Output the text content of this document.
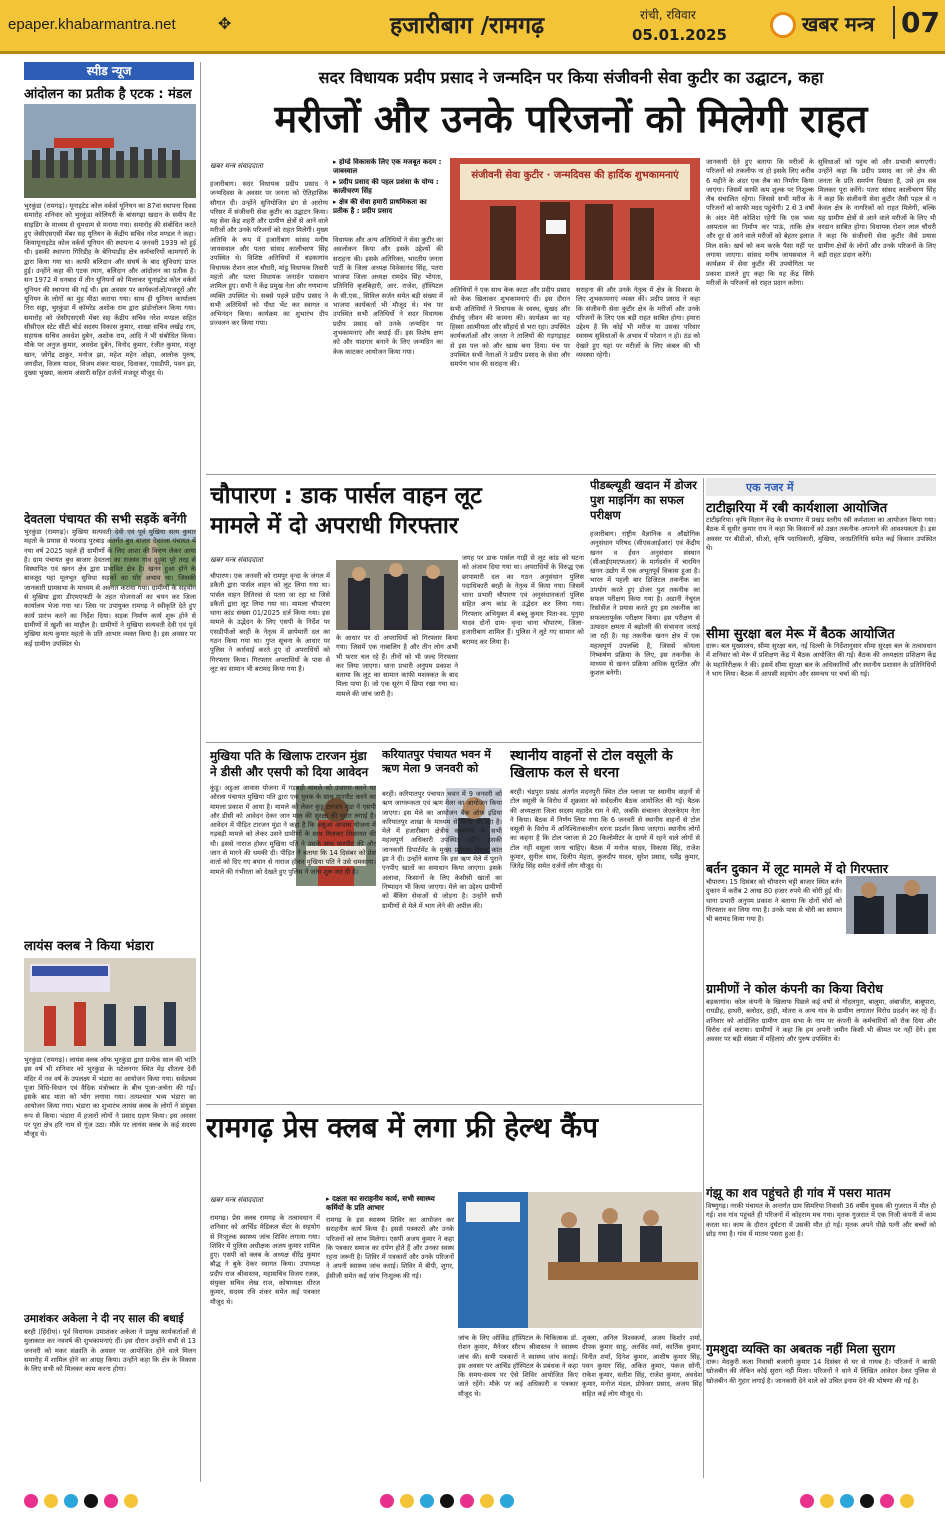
epaper.khabarmantra.net	✥	हजारीबाग /रामगढ़	रांची, रविवार
05.01.2025	खबर मन्त्र 07
स्पीड न्यूज
आंदोलन का प्रतीक है एटक : मंडल
भुरकुंडा (रामगढ़)। यूनाइटेड कोल वर्कर्स यूनियन का 87वां स्थापना दिवस समारोह शनिवार को भुरकुंडा कोलियरी के बांसगढ़ा खदान के समीप वैट साइडिंग के माध्यम से धूमधाम से मनाया गया। समारोह की संबोधित करते हुए जेसीएसएसी मेंबर सह यूनियन के केंद्रीय सचिव नरेश मण्डल ने कहा। कियायूनाइटेड कोल वर्कर्स यूनियन की स्थापना 4 जनवरी 1939 को हुई थी। इसकी स्थापना गिरिडीह के बेनियाडीह क्षेत्र कर्मचारियों कामगारों के द्वारा किया गया था। काफी बलिदान और संघर्ष के बाद सुविधाएं प्राप्त हुई। उन्होंने कहा की एटक त्याग, बलिदान और आंदोलन का प्रतीक है। सन 1972 में धनबाद में तीन यूनियनों को मिलाकर यूनाइटेड कोल वर्कर्स यूनियन की स्थापना की गई थी। इस अवसर पर कार्यकर्ताओं/मजदूरों और यूनियन के लोगों का मुंह मीठा कराया गया। साथ ही यूनियन कार्यालय निरा सड्डा, भुरकुंडा में कॉमरेड अशोक राम द्वारा झंडोत्तोलन किया गया। समारोह को जेसीएसएसी मेंबर सह केंद्रीय सचिव नरेश मण्डल सहित सीसीएल स्टेट सीटी बोर्ड सदस्य विकास कुमार, शाखा सचिव लखेंद्र राय, सहायक सचिव अवधेश दुबेन, अशोक राम, आदि ने भी संबोधित किया। मौके पर अनुज कुमार, अवधेश दुबेन, विनोद कुमार, रंजीत कुमार, मंजूर खान, जोगेंद्र ठाकुर, मनोज झा, महेश महेन ओझा, आलोक पुरुष, जगदीश, विजय यादव, विजय शंकर यादव, दिवाकर, एसडीपी, पवन झा, दुख्या भुख्या, कलाम अंसारी सहित दर्जनों मजदूर मौजूद थे।
देवतला पंचायत की सभी सड़कें बनेंगी
भुरकुंडा (रामगढ़)। मुखिया सत्यवती देवी एवं पूर्व मुखिया सत्य कुमार महतो के प्रयास से फरवाड़ पुरबाड़ अंतर्गत बुध बाजार देवतला पंचायत में नया वर्ष 2025 पहले ही ग्रामीणों के लिए आशा की किरण लेकर आया है। ग्राम पंचायत बुध बाजार देवतला का राजस्व गांव दुड़ूवा पूरे तरह से विस्थापित एवं खनन क्षेत्र द्वारा प्रभावित क्षेत्र है। खनन हुआ होने के बावजूद यहां मूलभूत सुविधा सड़कों का घोर अभाव था। जिसकी जानकारी ग्रामसभा के माध्यम से अवगत कराया गया। ग्रामीणों के सहयोग से मुखिया द्वारा डीएमएफटी के तहत योजनाओं का चयन कर जिला कार्यालय भेजा गया था। जिस पर उपायुक्त रामगढ़ ने स्वीकृति देते हुए कार्य प्रारंभ करने का निर्देश दिया। सड़क निर्माण कार्य शुरू होने से ग्रामीणों में खुशी का माहौल है। ग्रामीणों ने मुखिया सत्यवती देवी एवं पूर्व मुखिया सत्य कुमार महतो के प्रति आभार व्यक्त किया है। इस अवसर पर कई ग्रामीण उपस्थित थे।
लायंस क्लब ने किया भंडारा
भुरकुंडा (रामगढ़)। लायंस क्लब ऑफ भुरकुंडा द्वारा प्रत्येक साल की भांति इस वर्ष भी शनिवार को भुरकुंडा के पटेलनगर स्थित मेड़ शीतला देवी मंदिर में नव वर्ष के उपलक्ष्य में भंडारा का आयोजन किया गया। सर्वप्रथम पूजा विधि-विधान एवं वैदिक मंत्रोच्चार के बीच पूजा-अर्चना की गई। इसके बाद माता को भोग लगाया गया। तत्पश्चात भव्य भंडारा का आयोजन किया गया। भंडारा का शुभारंभ लायंस क्लब के लोगों ने संयुक्त रूप से किया। भंडारा में हजारों लोगों ने प्रसाद ग्रहण किया। इस अवसर पर पूरा क्षेत्र हरि नाम से गूंज उठा। मौके पर लायंस क्लब के कई सदस्य मौजूद थे।
उमाशंकर अकेला ने दी नए साल की बधाई
बरही (हिंदीय)। पूर्व विधायक उमाशंकर अकेला ने प्रमुख कार्यकर्ताओं से मुलाकात कर नववर्ष की शुभकामनाएं दीं। इस दौरान उन्होंने सभी से 13 जनवरी को मकर संक्रांति के अवसर पर आयोजित होने वाले मिलन समारोह में शामिल होने का आग्रह किया। उन्होंने कहा कि क्षेत्र के विकास के लिए सभी को मिलकर काम करना होगा।
सदर विधायक प्रदीप प्रसाद ने जन्मदिन पर किया संजीवनी सेवा कुटीर का उद्घाटन, कहा
मरीजों और उनके परिजनों को मिलेगी राहत
खबर मन्त्र संवाददाता	▸ होम्डे विकासके लिए एक मजबूत कदम : जाबस्वाल
▸ प्रदीप प्रसाद की पहल प्रशंसा के योग्य : कालीचरण सिंह
▸ क्षेत्र की सेवा हमारी प्राथमिकता का प्रतीक है : प्रदीप प्रसाद
हजारीबाग। सदर विधायक प्रदीप प्रसाद ने जन्मदिवस के अवसर पर जनता को ऐतिहासिक सौगात दी। उन्होंने सुनियोजित ढंग से आरोग्य परिसर में संजीवनी सेवा कुटीर का उद्घाटन किया। यह सेवा केंद्र शहरी और ग्रामीण क्षेत्रों से आने वाले मरीजों और उनके परिजनों को राहत मिलेगी। मुख्य अतिथि के रूप में हजारीबाग सांसद मनीष जायसवाल और पतरा सांसद कालीचरण सिंह उपस्थित थे। विशिष्ट अतिथियों में बड़कागांव विधायक रोशन लाल चौधरी, मांडू विधायक तिवारी महतो और पतरा विधायक जनार्दन पासवान शामिल हुए। सभी ने केंद्र प्रमुख नेता और गणमान्य व्यक्ति उपस्थित थे। सबसे पहले प्रदीप प्रसाद ने सभी अतिथियों को पौधा भेंट कर स्वागत व अभिनंदन किया। कार्यक्रम का शुभारंभ दीप प्रज्वलन कर किया गया।
विधायक और अन्य अतिथियों ने सेवा कुटीर का अवलोकन किया और इसके उद्देश्यों की सराहना की। इसके अतिरिक्त, भारतीय जनता पार्टी के जिला अध्यक्ष विवेकानंद सिंह, पतरा भाजपा जिला अध्यक्ष रामदेव सिंह भोगता, प्रतिनिधि बृजबिहारी, आर. राजेश, हॉस्पिटल के सी.एस., सिविल सर्जन समेत बड़ी संख्या में भाजपा कार्यकर्ता भी मौजूद थे। मंच पर उपस्थित सभी अतिथियों ने सदर विधायक प्रदीप प्रसाद को उनके जन्मदिन पर शुभकामनाएं और बधाई दीं। इस विशेष क्षण को और यादगार बनाने के लिए जन्मदिन का केक काटकर आयोजन किया गया।
संजीवनी सेवा कुटीर · जन्मदिवस की हार्दिक शुभकामनाएं
अतिथियों ने एक साथ केक काटा और प्रदीप प्रसाद को केक खिलाकर शुभकामनाएं दीं। इस दौरान सभी अतिथियों ने विधायक के स्वस्थ, सुखद और दीर्घायु जीवन की कामना की। कार्यक्रम का यह हिस्सा आत्मीयता और सौहार्द से भरा रहा। उपस्थित कार्यकर्ताओं और जनता ने तालियों की गड़गड़ाहट से इस पल को और खास बना दिया। मंच पर उपस्थित सभी नेताओं ने प्रदीप प्रसाद के सेवा और समर्पण भाव की सराहना की।
सराहना की और उनके नेतृत्व में क्षेत्र के विकास के लिए शुभकामनाएं व्यक्त कीं। प्रदीप प्रसाद ने कहा कि संजीवनी सेवा कुटीर क्षेत्र के मरीजों और उनके परिजनों के लिए एक बड़ी राहत साबित होगा। हमारा उद्देश्य है कि कोई भी मरीज या उसका परिवार स्वास्थ्य सुविधाओं के अभाव में परेशान न हो। ठंड को देखते हुए यहां पर मरीजों के लिए कंबल की भी व्यवस्था रहेगी।
जानकारी देते हुए बताया कि मरीजों के परिजनों को तकलीफ ना हो इसके लिए करीब 6 महीने के अंदर एक लैब का निर्माण किया जाएगा। जिसमें काफी कम शुल्क पर निशुल्क लैब संचालित रहेगा। जिससे सभी मरीज के परिजनों को काफी मदद पहुंचेगी। 2 से 3 वर्षों के अंदर मेरी कोशिश रहेगी कि एक भव्य अस्पताल का निर्माण कर पाऊं, ताकि क्षेत्र और दूर से आने वाले मरीजों को बेहतर इलाज मिल सके। खर्च को कम करके पैसा यहीं पर लगाया जाएगा। सांसद मनीष जायसवाल ने कार्यक्रम में सेवा कुटीर की उपयोगिता पर प्रकाश डालते हुए कहा कि यह केंद्र सिर्फ मरीजों के परिजनों को राहत प्रदान करेगा।
सुविधाओं को पहुंच को और प्रभावी बनाएगी। उन्होंने कहा कि प्रदीप प्रसाद का जो क्षेत्र की जनता के प्रति समर्पण दिखता है, उसे हम सब मिलकर पूरा करेंगे। पतरा सांसद कालीचरण सिंह ने कहा कि संजीवनी सेवा कुटीर जैसी पहल से न केवल क्षेत्र के नागरिकों को राहत मिलेगी, बल्कि यह ग्रामीण क्षेत्रों से आने वाले मरीजों के लिए भी वरदान साबित होगा। विधायक रोशन लाल चौधरी ने कहा कि संजीवनी सेवा कुटीर जैसे प्रयास ग्रामीण क्षेत्रों के लोगों और उनके परिजनों के लिए बड़ी राहत प्रदान करेंगे।
चौपारण : डाक पार्सल वाहन लूट
मामले में दो अपराधी गिरफ्तार
खबर मन्त्र संवाददाता
चौपारण। एक जनवरी को रामपुर वृन्दा के जंगल में डकैती द्वारा पार्सल वाहन को लूट लिया गया था। पार्सल वाहन तितिरवां से पतरा जा रहा था जिसे डकैतों द्वारा लूट लिया गया था। मामला चौपारण थाना कांड संख्या 01/2025 दर्ज किया गया। इस मामले के उद्भेदन के लिए एसपी के निर्देश पर एसडीपीओ बरही के नेतृत्व में छापेमारी दल का गठन किया गया था। गुप्त सूचना के आधार पर पुलिस ने कार्रवाई करते हुए दो अपराधियों को गिरफ्तार किया। गिरफ्तार अपराधियों के पास से लूट का सामान भी बरामद किया गया है।
के आधार पर दो अपराधियों को गिरफ्तार किया गया। जिसमें एक नाबालिग है और तीन लोग अभी भी फरार चल रहे हैं। तीनों को भी जल्द गिरफ्तार कर लिया जाएगा। थाना प्रभारी अनुपम प्रकाश ने बताया कि लूट का सामान काफी मशक्कत के बाद मिला पाया है। जो एक सूरंग में छिपा रखा गया था। मामले की जांच जारी है।
जगह पर डाक पार्सल गाड़ी से लूट कांड को घटना को अंजाम दिया गया था। अपराधियों के विरुद्ध एक छापामारी दल का गठन अनुसंधान पुलिस पदाधिकारी बरही के नेतृत्व में किया गया। जिसमें थाना प्रभारी चौपारण एवं अनुसंधानकर्ता पुलिस सहित अन्य कांड के उद्भेदन कर लिया गया। गिरफ्तार अभियुक्त में बब्लू कुमार पिता-स्व. पुनुमा यादव दोनों ग्राम- वृन्दा थाना चौपारण, जिला- हजारीबाग शामिल हैं। पुलिस ने लूटे गए सामान को बरामद कर लिया है।
पीडब्ल्यूडी खदान में डोजर पुश माइनिंग का सफल परीक्षण
हजारीबाग। राष्ट्रीय वैज्ञानिक व औद्योगिक अनुसंधान परिषद (सीएसआईआर) एवं केंद्रीय खनन व ईंधन अनुसंधान संस्थान (सीआईएमएफआर) के मार्गदर्शन में चारमिन खनन उद्योग में एक अभूतपूर्व विकास हुआ है। भारत में पहली बार डिजिटल तकनीक का उपयोग करते हुए डोजर पुश तकनीक का सफल परीक्षण किया गया है। अडानी नेचुरल रिसोर्सेज ने प्रयास करते हुए इस तकनीक का सफलतापूर्वक परीक्षण किया। इस परीक्षण से उत्पादन क्षमता में बढ़ोतरी की संभावना जताई जा रही है। यह तकनीक खनन क्षेत्र में एक महत्वपूर्ण उपलब्धि है, जिससे कोयला निष्कर्षण प्रक्रिया के लिए, इस तकनीक के माध्यम से खनन प्रक्रिया अधिक सुरक्षित और कुशल बनेगी।
एक नजर में
टाटीझरिया में रबी कार्यशाला आयोजित
टाटीझरिया। कृषि विज्ञान केंद्र के सभागार में प्रखंड स्तरीय रबी कर्मशाला का आयोजन किया गया। बैठक में सुधीर कुमार राय ने कहा कि किसानों को उन्नत तकनीक अपनाने की आवश्यकता है। इस अवसर पर बीडीओ, सीओ, कृषि पदाधिकारी, मुखिया, जनप्रतिनिधि समेत कई किसान उपस्थित थे।
सीमा सुरक्षा बल मेरू में बैठक आयोजित
दारू। बल मुख्यालय, सीमा सुरक्षा बल, नई दिल्ली के निर्देशानुसार सीमा सुरक्षा बल के तत्वावधान में शनिवार को मेरू में प्रशिक्षण केंद्र में बैठक आयोजित की गई। बैठक की अध्यक्षता प्रशिक्षण केंद्र के महानिरीक्षक ने की। इसमें सीमा सुरक्षा बल के अधिकारियों और स्थानीय प्रशासन के प्रतिनिधियों ने भाग लिया। बैठक में आपसी सहयोग और समन्वय पर चर्चा की गई।
बर्तन दुकान में लूट मामले में दो गिरफ्तार
चौपारण। 15 दिसंबर को चौपारण चट्टी बाजार स्थित बर्तन दुकान में करीब 2 लाख 80 हजार रुपये की चोरी हुई थी। थाना प्रभारी अनुपम प्रकाश ने बताया कि दोनों चोरों को गिरफ्तार कर लिया गया है। उनके पास से चोरी का सामान भी बरामद किया गया है।
ग्रामीणों ने कोल कंपनी का किया विरोध
बड़कागांव। कोल कंपनी के खिलाफ पिछले कई वर्षों से गोंदलपुरा, बालुमा, अंबाजीत, बाबूपारा, रायडीह, हाथरी, बलोदर, हाही, मोतरा व अन्य गांव के ग्रामीण लगातार विरोध प्रदर्शन कर रहे हैं। शनिवार को आंदोलित ग्रामीण ग्राम सभा के नाम पर कंपनी के कर्मचारियों को रोक दिया और विरोध दर्ज कराया। ग्रामीणों ने कहा कि हम अपनी जमीन किसी भी कीमत पर नहीं देंगे। इस अवसर पर बड़ी संख्या में महिलाएं और पुरुष उपस्थित थे।
गंझू का शव पहुंचते ही गांव में पसरा मातम
विष्णुगढ़। नरकी पंचायत के अन्तर्गत ग्राम सिमरिया निवासी 36 वर्षीय युवक की गुजरात में मौत हो गई। शव गांव पहुंचते ही परिजनों में कोहराम मच गया। मृतक गुजरात में एक निजी कंपनी में काम करता था। काम के दौरान दुर्घटना में उसकी मौत हो गई। मृतक अपने पीछे पत्नी और बच्चों को छोड़ गया है। गांव में मातम पसरा हुआ है।
गुमशुदा व्यक्ति का अबतक नहीं मिला सुराग
दारू। मेदकुरी कला निवासी बजरंगी कुमार 14 दिसंबर से घर से गायब है। परिजनों ने काफी खोजबीन की लेकिन कोई सुराग नहीं मिला। परिजनों ने थाने में लिखित आवेदन देकर पुलिस से खोजबीन की गुहार लगाई है। जानकारी देने वाले को उचित इनाम देने की घोषणा की गई है।
मुखिया पति के खिलाफ टारजन मुंडा ने डीसी और एसपी को दिया आवेदन
कुंडू। अडुआ आवास योजना में गड़बड़ी मामले को उजागर करने पर ओरला पंचायत मुखिया पति द्वारा एक युवक के साथ मारपीट करने का मामला प्रकाश में आया है। मामले को लेकर कुंडू टारजन मुंडा ने एसपी और डीसी को आवेदन देकर जान माल की सुरक्षा की गुहार लगाई है। आवेदन में पीड़ित टारजन मुंडा ने कहा है कि अबुआ आवास योजना में गड़बड़ी मामले को लेकर उसने ग्रामीणों के साथ मिलकर शिकायत की थी। इससे नाराज होकर मुखिया पति ने उसके साथ मारपीट की और जान से मारने की धमकी दी। पीड़ित ने बताया कि 14 दिसंबर को प्रेस वार्ता को दिए गए बयान से नाराज होकर मुखिया पति ने उसे धमकाया। मामले की गंभीरता को देखते हुए पुलिस ने जांच शुरू कर दी है।
करियातपुर पंचायत भवन में ऋण मेला 9 जनवरी को
बरही। करियातपुर पंचायत भवन में 9 जनवरी को ऋण जागरूकता एवं ऋण मेला का आयोजन किया जाएगा। इस मेले का आयोजन बैंक ऑफ इंडिया करियातपुर शाखा के माध्यम से किया जा रहा है। मेले में हजारीबाग क्षेत्रीय कार्यालय के सभी महत्वपूर्ण अधिकारी उपस्थित रहेंगे। इसकी जानकारी डिपार्टमेंट के मुख्य प्रबंधक विमल कांत झा ने दी। उन्होंने बताया कि इस ऋण मेले में पुराने एनपीए खातों का समाधान किया जाएगा। इसके अलावा, किसानों के लिए केसीसी खातों का निष्पादन भी किया जाएगा। मेले का उद्देश्य ग्रामीणों को बैंकिंग सेवाओं से जोड़ना है। उन्होंने सभी ग्रामीणों से मेले में भाग लेने की अपील की।
स्थानीय वाहनों से टोल वसूली के खिलाफ कल से धरना
बरही। चंद्रपुरा प्रखंड अंतर्गत मदनपुरी स्थित टोल प्लाजा पर स्थानीय वाहनों से टोल वसूली के विरोध में शुक्रवार को सर्वदलीय बैठक आयोजित की गई। बैठक की अध्यक्षता जिला सदस्य महादेव राम ने की, जबकि संचालन जेएलकेएम नेता ने किया। बैठक में निर्णय लिया गया कि 6 जनवरी से स्थानीय वाहनों से टोल वसूली के विरोध में अनिश्चितकालीन धरना प्रदर्शन किया जाएगा। स्थानीय लोगों का कहना है कि टोल प्लाजा से 20 किलोमीटर के दायरे में रहने वाले लोगों से टोल नहीं वसूला जाना चाहिए। बैठक में मनोज यादव, विकास सिंह, राजेश कुमार, सुनील साव, दिलीप मेहता, कुलदीप यादव, सुरेश प्रसाद, धर्मेंद्र कुमार, जितेंद्र सिंह समेत दर्जनों लोग मौजूद थे।
रामगढ़ प्रेस क्लब में लगा फ्री हेल्थ कैंप
खबर मन्त्र संवाददाता	▸ दक्षता का सराहनीय कार्य, सभी स्वास्थ्य कर्मियों के प्रति आभार
रामगढ़। प्रेस क्लब रामगढ़ के तत्वावधान में शनिवार को आर्चिड मेडिकल सेंटर के सहयोग से निःशुल्क स्वास्थ्य जांच शिविर लगाया गया। शिविर में पुलिस अधीक्षक अजय कुमार शामिल हुए। एसपी को क्लब के अध्यक्ष वीरेंद्र कुमार बौद्ध ने बुके देकर स्वागत किया। उपाध्यक्ष प्रदीप राज श्रीवास्तव, महासचिव विजय रजक, संयुक्त सचिव लेख राज, कोषाध्यक्ष धीरज कुमार, सदस्य रवि शंकर समेत कई पत्रकार मौजूद थे।
रामगढ़ के इस स्वास्थ्य शिविर का आयोजन कर सराहनीय कार्य किया है। इससे पत्रकारों और उनके परिजनों को लाभ मिलेगा। एसपी अजय कुमार ने कहा कि पत्रकार समाज का दर्पण होते हैं और उनका स्वस्थ रहना जरूरी है। शिविर में पत्रकारों और उनके परिजनों ने अपनी स्वास्थ्य जांच कराई। शिविर में बीपी, शुगर, ईसीजी समेत कई जांच निःशुल्क की गई।
जांच के लिए ऑर्किड हॉस्पिटल के चिकित्सक डॉ. रोशन कुमार, मैनेजर सौरभ श्रीवास्तव ने स्वास्थ्य जांच की। सभी पत्रकारों ने स्वास्थ्य जांच कराई। इस अवसर पर आर्चिड हॉस्पिटल के प्रबंधक ने कहा कि समय-समय पर ऐसे शिविर आयोजित किए जाते रहेंगे। मौके पर कई अधिकारी व पत्रकार मौजूद थे।
शुक्ला, अनिल विश्वकर्मा, अजय किशोर शर्मा, दीपक कुमार साहू, अरविंद वर्मा, कार्तिक कुमार, विनीत शर्मा, दिनेश कुमार, आशीष कुमार सिंह, पवन कुमार सिंह, अंकित कुमार, पंकज सोनी, राकेश कुमार, सतीश सिंह, राजेश कुमार, अवधेश कुमार, मनोज मंडल, प्रोफेसर प्रसाद, अजय सिंह सहित कई लोग मौजूद थे।
